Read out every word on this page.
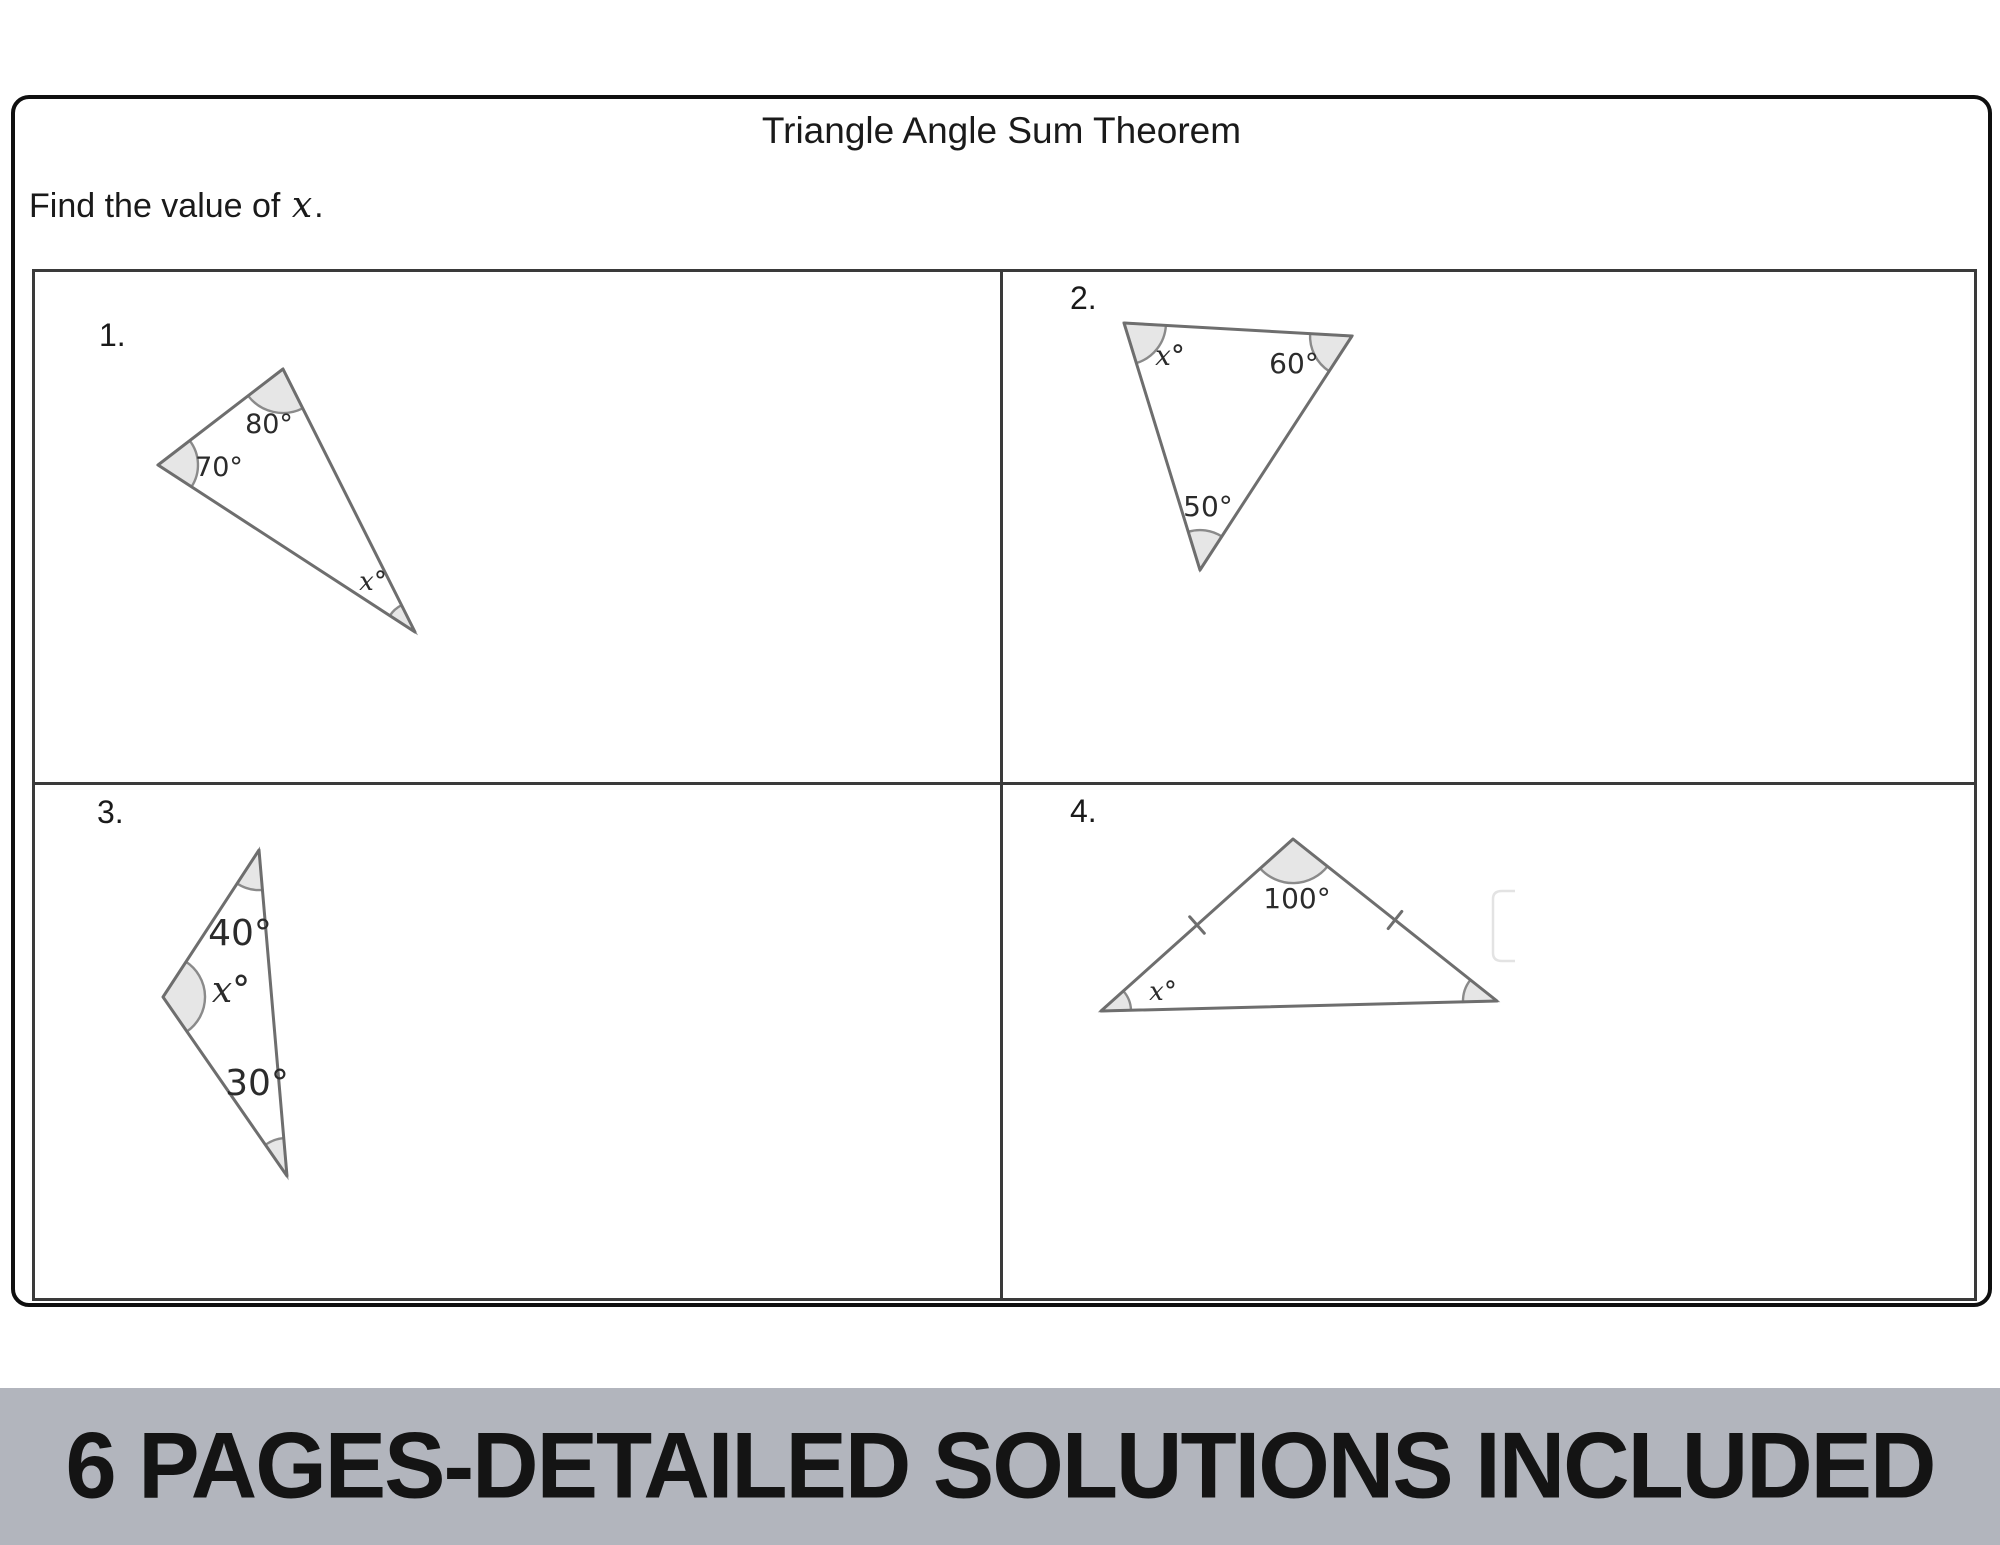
Triangle Angle Sum Theorem
Find the value of x.
1.
80°
70°
x°
2.
x°	60°
50°
3.
40°
x°
30°
4.
100°
x°
6 PAGES-DETAILED SOLUTIONS INCLUDED
